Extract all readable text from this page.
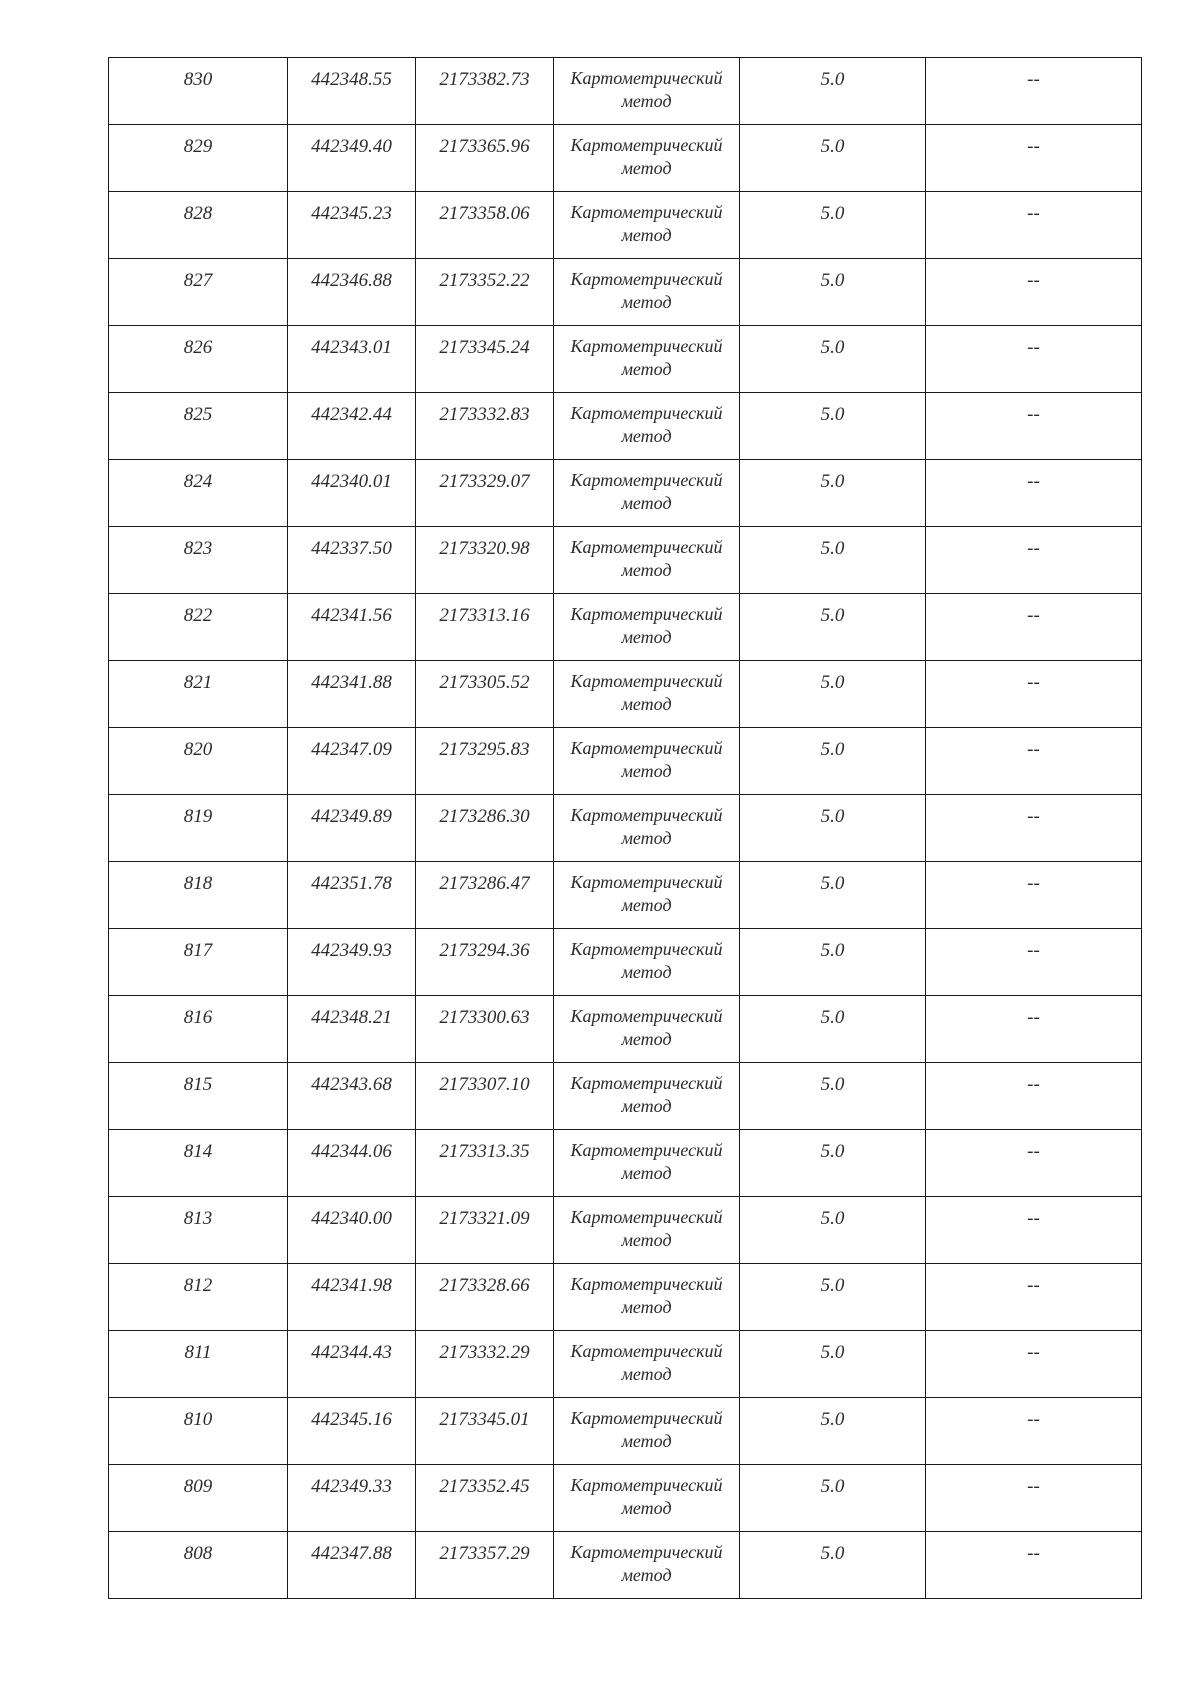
830	442348.55	2173382.73	Картометрический
метод	5.0	--

829	442349.40	2173365.96	Картометрический
метод	5.0	--

828	442345.23	2173358.06	Картометрический
метод	5.0	--

827	442346.88	2173352.22	Картометрический
метод	5.0	--

826	442343.01	2173345.24	Картометрический
метод	5.0	--

825	442342.44	2173332.83	Картометрический
метод	5.0	--

824	442340.01	2173329.07	Картометрический
метод	5.0	--

823	442337.50	2173320.98	Картометрический
метод	5.0	--

822	442341.56	2173313.16	Картометрический
метод	5.0	--

821	442341.88	2173305.52	Картометрический
метод	5.0	--

820	442347.09	2173295.83	Картометрический
метод	5.0	--

819	442349.89	2173286.30	Картометрический
метод	5.0	--

818	442351.78	2173286.47	Картометрический
метод	5.0	--

817	442349.93	2173294.36	Картометрический
метод	5.0	--

816	442348.21	2173300.63	Картометрический
метод	5.0	--

815	442343.68	2173307.10	Картометрический
метод	5.0	--

814	442344.06	2173313.35	Картометрический
метод	5.0	--

813	442340.00	2173321.09	Картометрический
метод	5.0	--

812	442341.98	2173328.66	Картометрический
метод	5.0	--

811	442344.43	2173332.29	Картометрический
метод	5.0	--

810	442345.16	2173345.01	Картометрический
метод	5.0	--

809	442349.33	2173352.45	Картометрический
метод	5.0	--

808	442347.88	2173357.29	Картометрический
метод	5.0	--
